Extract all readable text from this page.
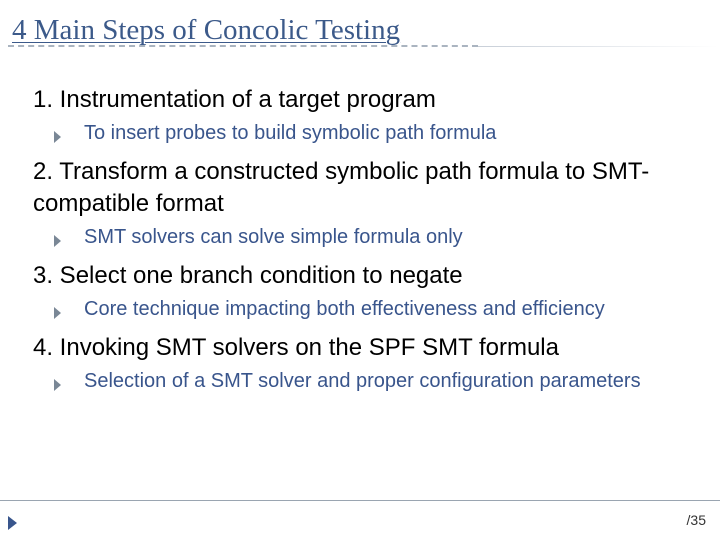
4 Main Steps of Concolic Testing

1. Instrumentation of a target program

To insert probes to build symbolic path formula

2. Transform a constructed symbolic path formula to SMT-compatible format

SMT solvers can solve simple formula only

3. Select one branch condition to negate

Core technique impacting both effectiveness and efficiency

4. Invoking SMT solvers on the SPF SMT formula

Selection of a SMT solver and proper configuration parameters
/35
